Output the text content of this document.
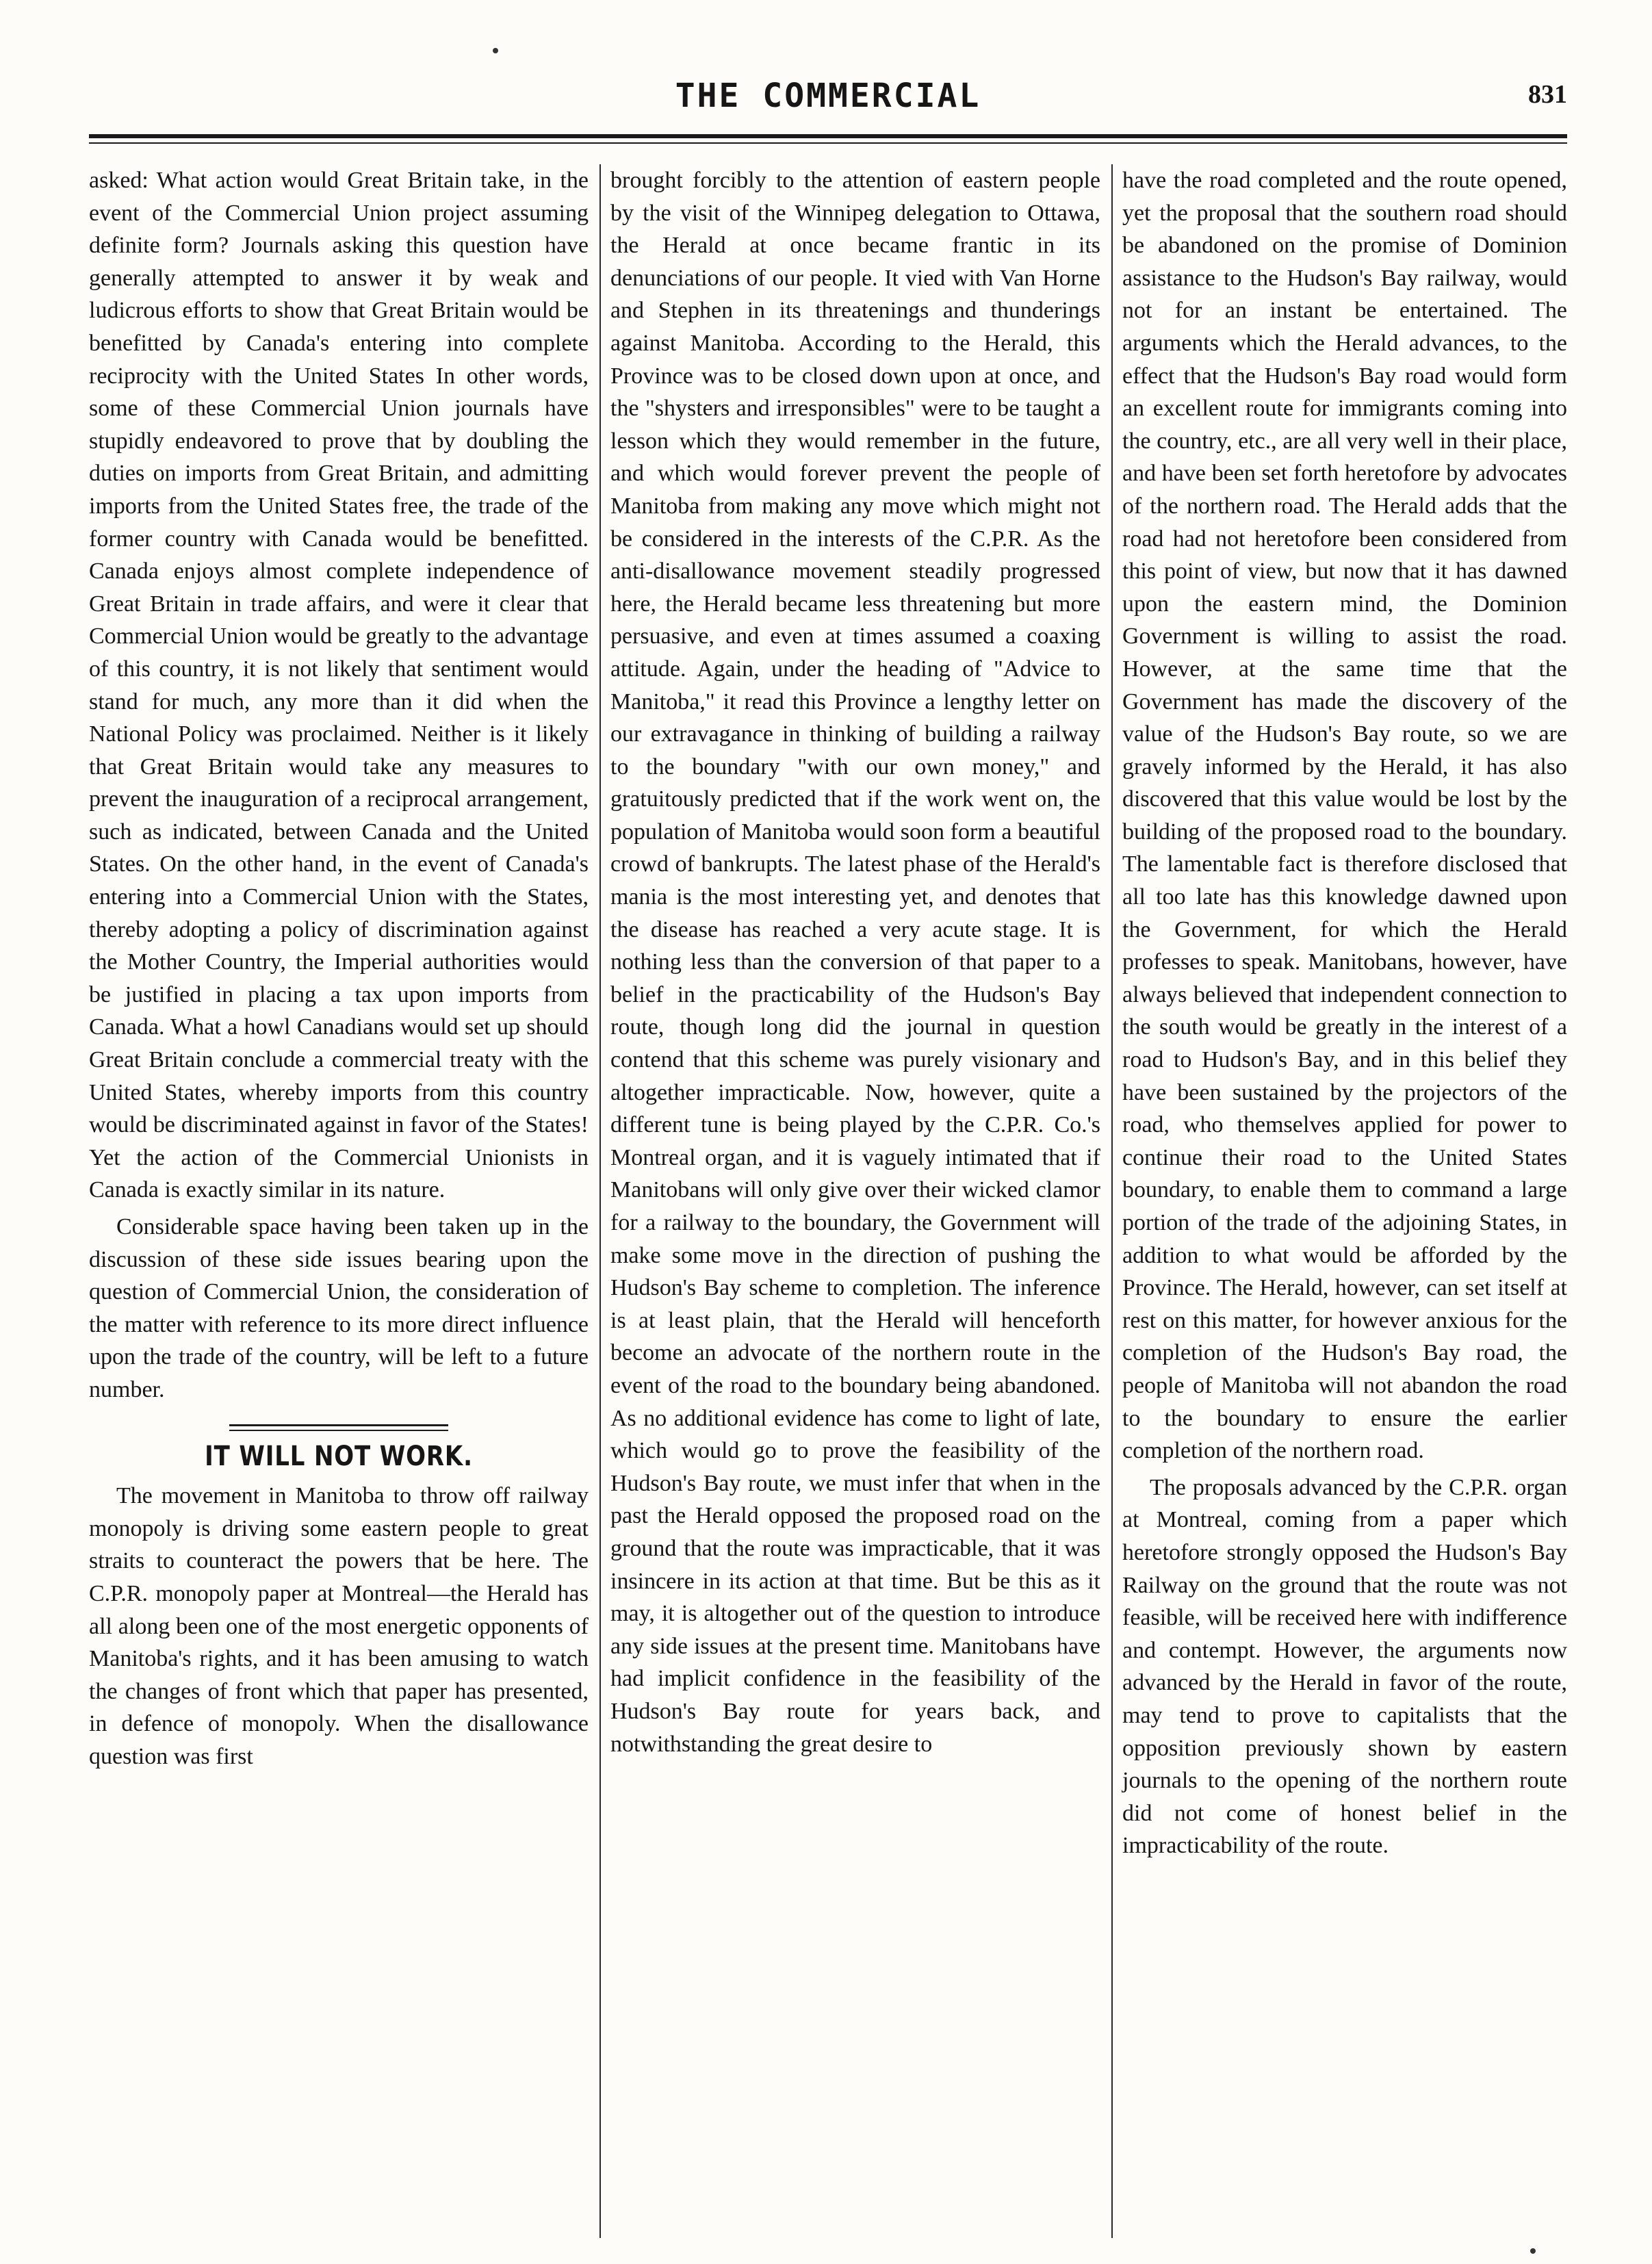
THE COMMERCIAL	831

asked: What action would Great Britain take, in the event of the Commercial Union project assuming definite form? Journals asking this question have generally attempted to answer it by weak and ludicrous efforts to show that Great Britain would be benefitted by Canada's entering into complete reciprocity with the United States In other words, some of these Commercial Union journals have stupidly endeavored to prove that by doubling the duties on imports from Great Britain, and admitting imports from the United States free, the trade of the former country with Canada would be benefitted. Canada enjoys almost complete independence of Great Britain in trade affairs, and were it clear that Commercial Union would be greatly to the advantage of this country, it is not likely that sentiment would stand for much, any more than it did when the National Policy was proclaimed. Neither is it likely that Great Britain would take any measures to prevent the inauguration of a reciprocal arrangement, such as indicated, between Canada and the United States. On the other hand, in the event of Canada's entering into a Commercial Union with the States, thereby adopting a policy of discrimination against the Mother Country, the Imperial authorities would be justified in placing a tax upon imports from Canada. What a howl Canadians would set up should Great Britain conclude a commercial treaty with the United States, whereby imports from this country would be discriminated against in favor of the States! Yet the action of the Commercial Unionists in Canada is exactly similar in its nature.

Considerable space having been taken up in the discussion of these side issues bearing upon the question of Commercial Union, the consideration of the matter with reference to its more direct influence upon the trade of the country, will be left to a future number.

IT WILL NOT WORK.

The movement in Manitoba to throw off railway monopoly is driving some eastern people to great straits to counteract the powers that be here. The C.P.R. monopoly paper at Montreal—the Herald has all along been one of the most energetic opponents of Manitoba's rights, and it has been amusing to watch the changes of front which that paper has presented, in defence of monopoly. When the disallowance question was first

brought forcibly to the attention of eastern people by the visit of the Winnipeg delegation to Ottawa, the Herald at once became frantic in its denunciations of our people. It vied with Van Horne and Stephen in its threatenings and thunderings against Manitoba. According to the Herald, this Province was to be closed down upon at once, and the "shysters and irresponsibles" were to be taught a lesson which they would remember in the future, and which would forever prevent the people of Manitoba from making any move which might not be considered in the interests of the C.P.R. As the anti-disallowance movement steadily progressed here, the Herald became less threatening but more persuasive, and even at times assumed a coaxing attitude. Again, under the heading of "Advice to Manitoba," it read this Province a lengthy letter on our extravagance in thinking of building a railway to the boundary "with our own money," and gratuitously predicted that if the work went on, the population of Manitoba would soon form a beautiful crowd of bankrupts. The latest phase of the Herald's mania is the most interesting yet, and denotes that the disease has reached a very acute stage. It is nothing less than the conversion of that paper to a belief in the practicability of the Hudson's Bay route, though long did the journal in question contend that this scheme was purely visionary and altogether impracticable. Now, however, quite a different tune is being played by the C.P.R. Co.'s Montreal organ, and it is vaguely intimated that if Manitobans will only give over their wicked clamor for a railway to the boundary, the Government will make some move in the direction of pushing the Hudson's Bay scheme to completion. The inference is at least plain, that the Herald will henceforth become an advocate of the northern route in the event of the road to the boundary being abandoned. As no additional evidence has come to light of late, which would go to prove the feasibility of the Hudson's Bay route, we must infer that when in the past the Herald opposed the proposed road on the ground that the route was impracticable, that it was insincere in its action at that time. But be this as it may, it is altogether out of the question to introduce any side issues at the present time. Manitobans have had implicit confidence in the feasibility of the Hudson's Bay route for years back, and notwithstanding the great desire to

have the road completed and the route opened, yet the proposal that the southern road should be abandoned on the promise of Dominion assistance to the Hudson's Bay railway, would not for an instant be entertained. The arguments which the Herald advances, to the effect that the Hudson's Bay road would form an excellent route for immigrants coming into the country, etc., are all very well in their place, and have been set forth heretofore by advocates of the northern road. The Herald adds that the road had not heretofore been considered from this point of view, but now that it has dawned upon the eastern mind, the Dominion Government is willing to assist the road. However, at the same time that the Government has made the discovery of the value of the Hudson's Bay route, so we are gravely informed by the Herald, it has also discovered that this value would be lost by the building of the proposed road to the boundary. The lamentable fact is therefore disclosed that all too late has this knowledge dawned upon the Government, for which the Herald professes to speak. Manitobans, however, have always believed that independent connection to the south would be greatly in the interest of a road to Hudson's Bay, and in this belief they have been sustained by the projectors of the road, who themselves applied for power to continue their road to the United States boundary, to enable them to command a large portion of the trade of the adjoining States, in addition to what would be afforded by the Province. The Herald, however, can set itself at rest on this matter, for however anxious for the completion of the Hudson's Bay road, the people of Manitoba will not abandon the road to the boundary to ensure the earlier completion of the northern road.

The proposals advanced by the C.P.R. organ at Montreal, coming from a paper which heretofore strongly opposed the Hudson's Bay Railway on the ground that the route was not feasible, will be received here with indifference and contempt. However, the arguments now advanced by the Herald in favor of the route, may tend to prove to capitalists that the opposition previously shown by eastern journals to the opening of the northern route did not come of honest belief in the impracticability of the route.
